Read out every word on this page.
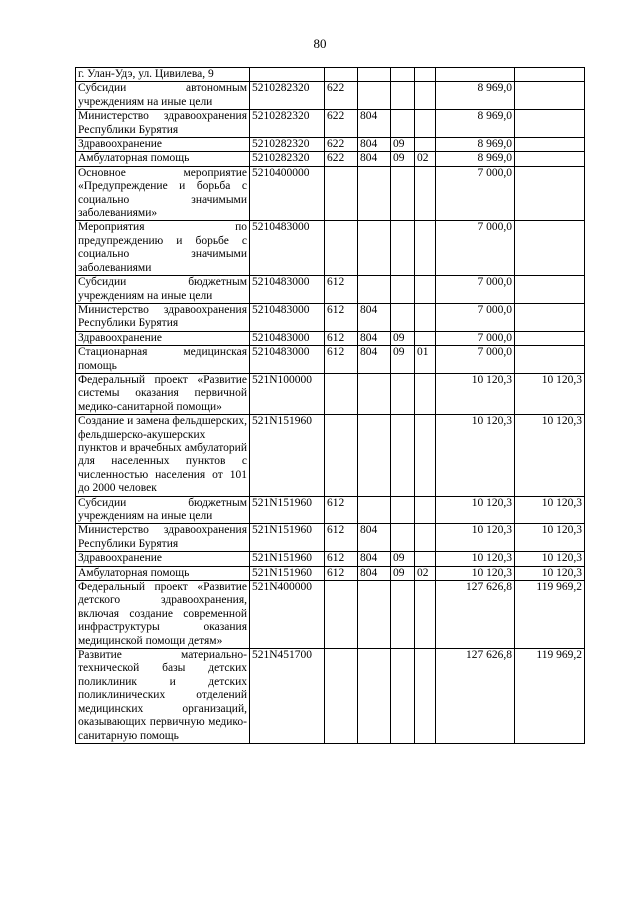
80
г. Улан-Удэ, ул. Цивилева, 9							
Субсидии автономным учреждениям на иные цели	5210282320	622				8 969,0	
Министерство здравоохранения Республики Бурятия	5210282320	622	804			8 969,0	
Здравоохранение	5210282320	622	804	09		8 969,0	
Амбулаторная помощь	5210282320	622	804	09	02	8 969,0	
Основное мероприятие «Предупреждение и борьба с социально значимыми заболеваниями»	5210400000					7 000,0	
Мероприятия по предупреждению и борьбе с социально значимыми заболеваниями	5210483000					7 000,0	
Субсидии бюджетным учреждениям на иные цели	5210483000	612				7 000,0	
Министерство здравоохранения Республики Бурятия	5210483000	612	804			7 000,0	
Здравоохранение	5210483000	612	804	09		7 000,0	
Стационарная медицинская помощь	5210483000	612	804	09	01	7 000,0	
Федеральный проект «Развитие системы оказания первичной медико-санитарной помощи»	521N100000					10 120,3	10 120,3
Создание и замена фельдшерских, фельдшерско-акушерских пунктов и врачебных амбулаторий для населенных пунктов с численностью населения от 101 до 2000 человек	521N151960					10 120,3	10 120,3
Субсидии бюджетным учреждениям на иные цели	521N151960	612				10 120,3	10 120,3
Министерство здравоохранения Республики Бурятия	521N151960	612	804			10 120,3	10 120,3
Здравоохранение	521N151960	612	804	09		10 120,3	10 120,3
Амбулаторная помощь	521N151960	612	804	09	02	10 120,3	10 120,3
Федеральный проект «Развитие детского здравоохранения, включая создание современной инфраструктуры оказания медицинской помощи детям»	521N400000					127 626,8	119 969,2
Развитие материально-технической базы детских поликлиник и детских поликлинических отделений медицинских организаций, оказывающих первичную медико-санитарную помощь	521N451700					127 626,8	119 969,2
